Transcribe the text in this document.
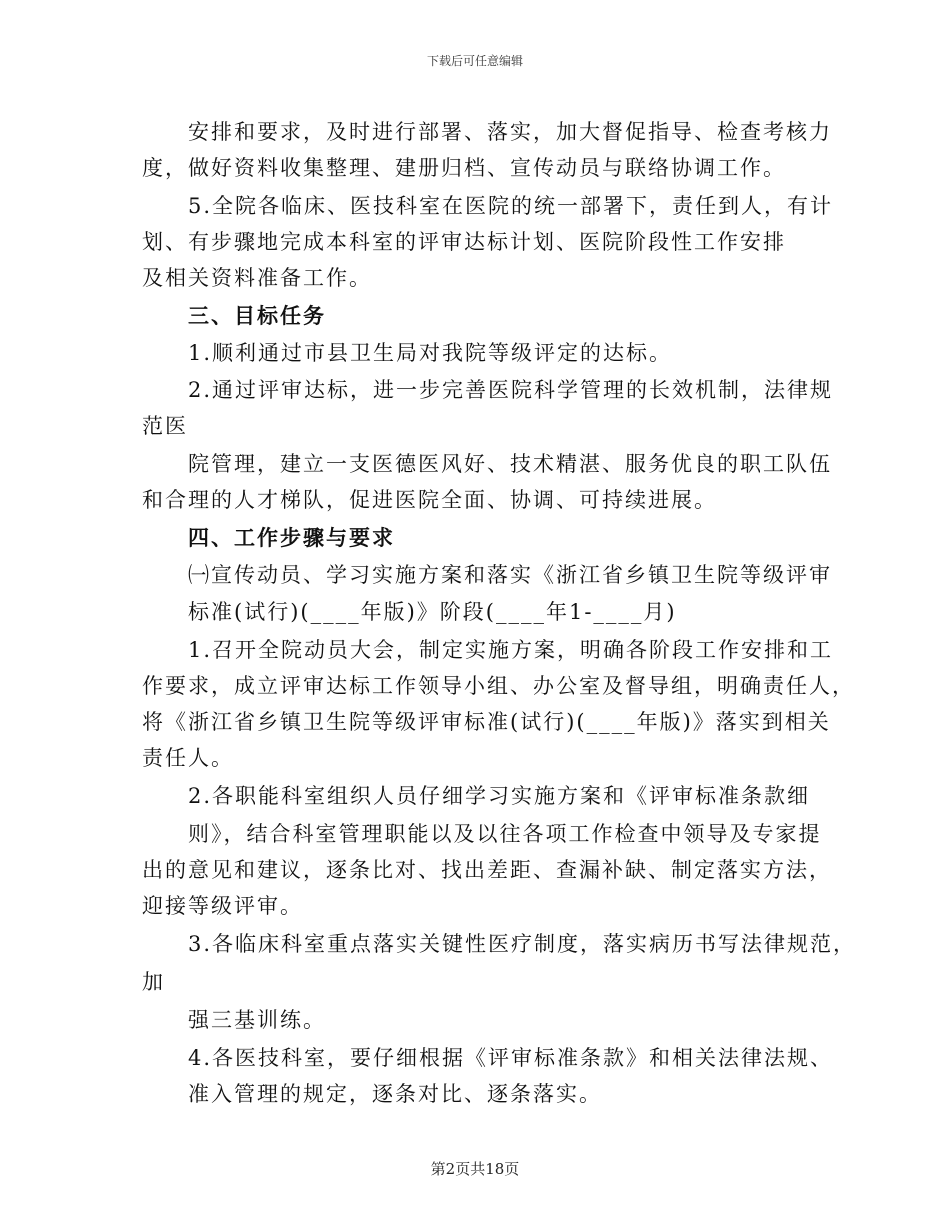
下载后可任意编辑
安排和要求，及时进行部署、落实，加大督促指导、检查考核力
度，做好资料收集整理、建册归档、宣传动员与联络协调工作。
5.全院各临床、医技科室在医院的统一部署下，责任到人，有计
划、有步骤地完成本科室的评审达标计划、医院阶段性工作安排
及相关资料准备工作。
三、目标任务
1.顺利通过市县卫生局对我院等级评定的达标。
2.通过评审达标，进一步完善医院科学管理的长效机制，法律规
范医
院管理，建立一支医德医风好、技术精湛、服务优良的职工队伍
和合理的人才梯队，促进医院全面、协调、可持续进展。
四、工作步骤与要求
㈠宣传动员、学习实施方案和落实《浙江省乡镇卫生院等级评审
标准(试行)(____年版)》阶段(____年1-____月)
1.召开全院动员大会，制定实施方案，明确各阶段工作安排和工
作要求，成立评审达标工作领导小组、办公室及督导组，明确责任人，
将《浙江省乡镇卫生院等级评审标准(试行)(____年版)》落实到相关
责任人。
2.各职能科室组织人员仔细学习实施方案和《评审标准条款细
则》，结合科室管理职能以及以往各项工作检查中领导及专家提
出的意见和建议，逐条比对、找出差距、查漏补缺、制定落实方法，
迎接等级评审。
3.各临床科室重点落实关键性医疗制度，落实病历书写法律规范，
加
强三基训练。
4.各医技科室，要仔细根据《评审标准条款》和相关法律法规、
准入管理的规定，逐条对比、逐条落实。
第2页共18页
